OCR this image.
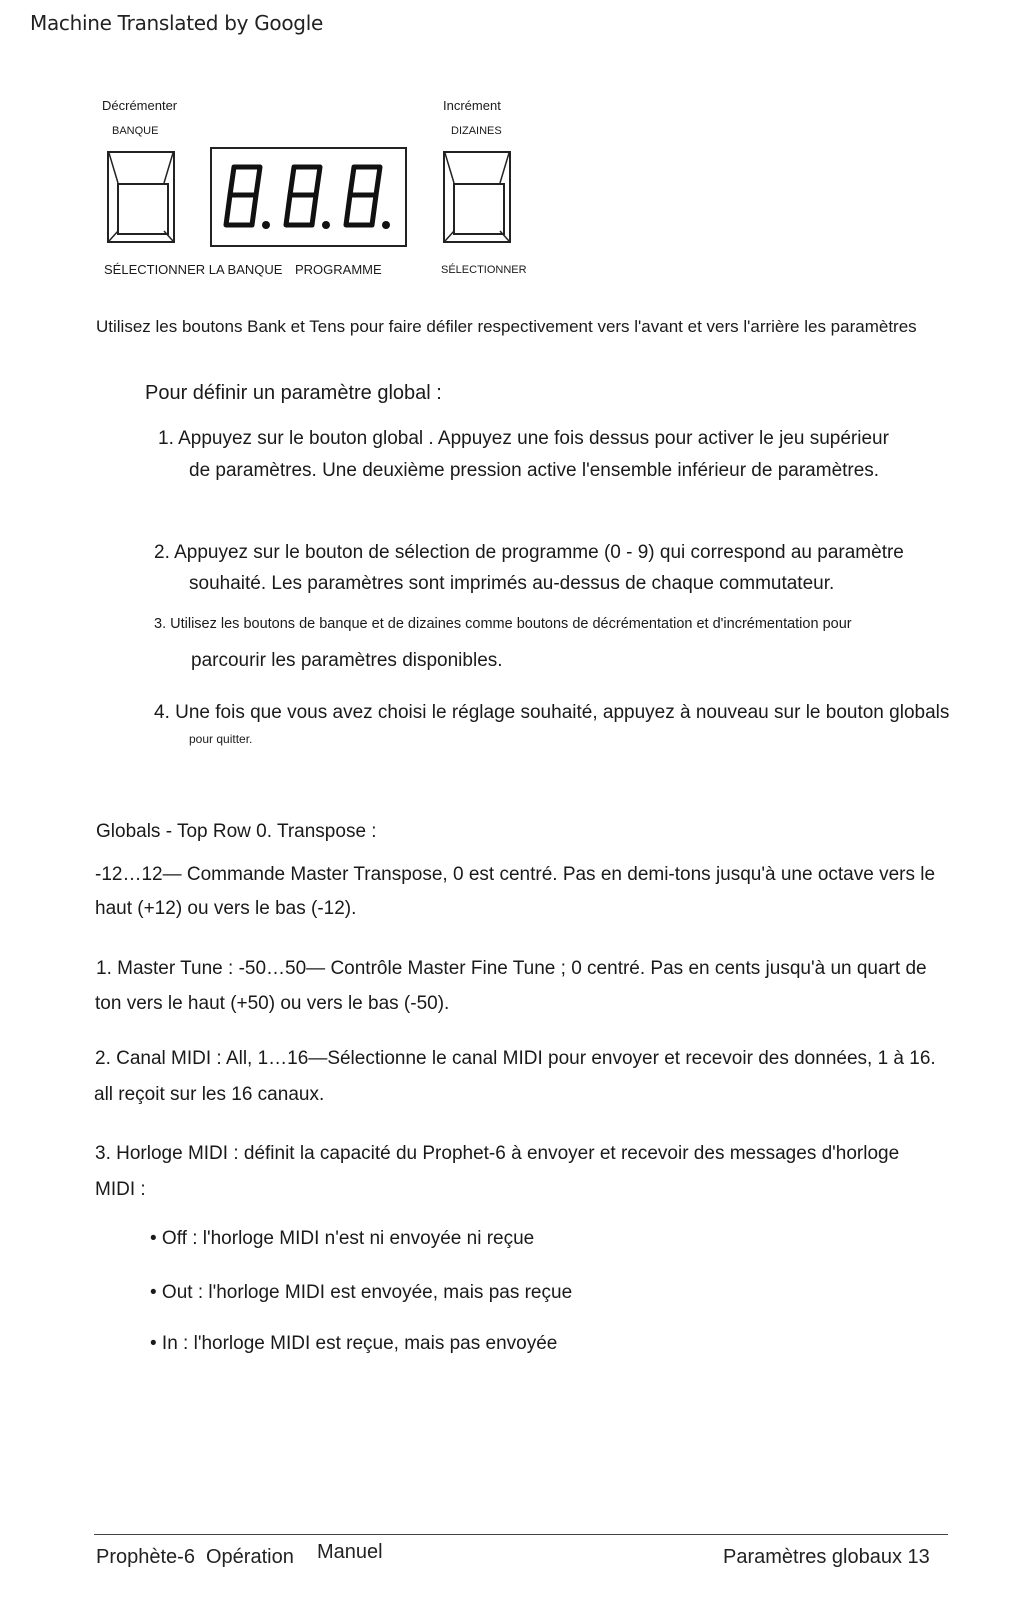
Machine Translated by Google
Décrémenter
BANQUE
Incrément
DIZAINES
SÉLECTIONNER LA BANQUE PROGRAMME	SÉLECTIONNER
Utilisez les boutons Bank et Tens pour faire défiler respectivement vers l'avant et vers l'arrière les paramètres
Pour définir un paramètre global :
1. Appuyez sur le bouton global . Appuyez une fois dessus pour activer le jeu supérieur
de paramètres. Une deuxième pression active l'ensemble inférieur de paramètres.
2. Appuyez sur le bouton de sélection de programme (0 - 9) qui correspond au paramètre
souhaité. Les paramètres sont imprimés au-dessus de chaque commutateur.
3. Utilisez les boutons de banque et de dizaines comme boutons de décrémentation et d'incrémentation pour
parcourir les paramètres disponibles.
4. Une fois que vous avez choisi le réglage souhaité, appuyez à nouveau sur le bouton globals
pour quitter.
Globals - Top Row 0. Transpose :
-12…12— Commande Master Transpose, 0 est centré. Pas en demi-tons jusqu'à une octave vers le
haut (+12) ou vers le bas (-12).
1. Master Tune : -50…50— Contrôle Master Fine Tune ; 0 centré. Pas en cents jusqu'à un quart de
ton vers le haut (+50) ou vers le bas (-50).
2. Canal MIDI : All, 1…16—Sélectionne le canal MIDI pour envoyer et recevoir des données, 1 à 16.
all reçoit sur les 16 canaux.
3. Horloge MIDI : définit la capacité du Prophet-6 à envoyer et recevoir des messages d'horloge
MIDI :
• Off : l'horloge MIDI n'est ni envoyée ni reçue
• Out : l'horloge MIDI est envoyée, mais pas reçue
• In : l'horloge MIDI est reçue, mais pas envoyée
Prophète-6 Opération Manuel	Paramètres globaux 13
